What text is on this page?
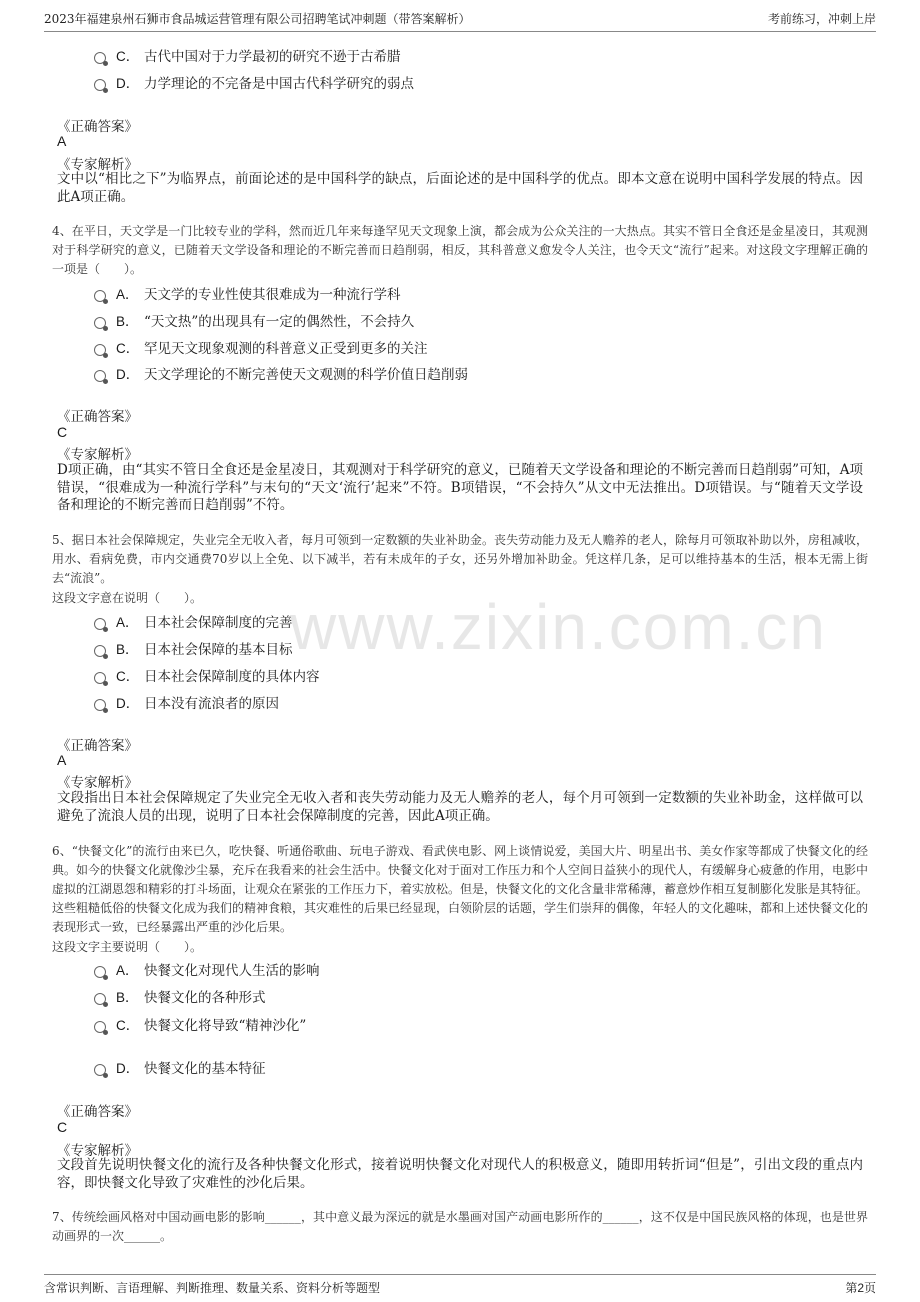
2023年福建泉州石狮市食品城运营管理有限公司招聘笔试冲刺题（带答案解析）	考前练习，冲刺上岸
www.zixin.com.cn
C． 古代中国对于力学最初的研究不逊于古希腊
D． 力学理论的不完备是中国古代科学研究的弱点
《正确答案》
A
《专家解析》
文中以“相比之下”为临界点，前面论述的是中国科学的缺点，后面论述的是中国科学的优点。即本文意在说明中国科学发展的特点。因此A项正确。
4、在平日，天文学是一门比较专业的学科，然而近几年来每逢罕见天文现象上演，都会成为公众关注的一大热点。其实不管日全食还是金星凌日，其观测对于科学研究的意义，已随着天文学设备和理论的不断完善而日趋削弱，相反，其科普意义愈发令人关注，也令天文“流行”起来。对这段文字理解正确的一项是（　　）。
A． 天文学的专业性使其很难成为一种流行学科
B． “天文热”的出现具有一定的偶然性，不会持久
C． 罕见天文现象观测的科普意义正受到更多的关注
D． 天文学理论的不断完善使天文观测的科学价值日趋削弱
《正确答案》
C
《专家解析》
D项正确，由“其实不管日全食还是金星凌日，其观测对于科学研究的意义，已随着天文学设备和理论的不断完善而日趋削弱”可知，A项错误，“很难成为一种流行学科”与末句的“天文‘流行’起来”不符。B项错误，“不会持久”从文中无法推出。D项错误。与“随着天文学设备和理论的不断完善而日趋削弱”不符。
5、据日本社会保障规定，失业完全无收入者，每月可领到一定数额的失业补助金。丧失劳动能力及无人赡养的老人，除每月可领取补助以外，房租减收，用水、看病免费，市内交通费70岁以上全免、以下减半，若有未成年的子女，还另外增加补助金。凭这样几条，足可以维持基本的生活，根本无需上街去“流浪”。
这段文字意在说明（　　）。
A． 日本社会保障制度的完善
B． 日本社会保障的基本目标
C． 日本社会保障制度的具体内容
D． 日本没有流浪者的原因
《正确答案》
A
《专家解析》
文段指出日本社会保障规定了失业完全无收入者和丧失劳动能力及无人赡养的老人，每个月可领到一定数额的失业补助金，这样做可以避免了流浪人员的出现，说明了日本社会保障制度的完善，因此A项正确。
6、“快餐文化”的流行由来已久，吃快餐、听通俗歌曲、玩电子游戏、看武侠电影、网上谈情说爱，美国大片、明星出书、美女作家等都成了快餐文化的经典。如今的快餐文化就像沙尘暴，充斥在我看来的社会生活中。快餐文化对于面对工作压力和个人空间日益狭小的现代人，有缓解身心疲惫的作用，电影中虚拟的江湖恩怨和精彩的打斗场面，让观众在紧张的工作压力下，着实放松。但是，快餐文化的文化含量非常稀薄，蓄意炒作相互复制膨化发胀是其特征。这些粗糙低俗的快餐文化成为我们的精神食粮，其灾难性的后果已经显现，白领阶层的话题，学生们崇拜的偶像，年轻人的文化趣味，都和上述快餐文化的表现形式一致，已经暴露出严重的沙化后果。
这段文字主要说明（　　）。
A． 快餐文化对现代人生活的影响
B． 快餐文化的各种形式
C． 快餐文化将导致“精神沙化”
D． 快餐文化的基本特征
《正确答案》
C
《专家解析》
文段首先说明快餐文化的流行及各种快餐文化形式，接着说明快餐文化对现代人的积极意义，随即用转折词“但是”，引出文段的重点内容，即快餐文化导致了灾难性的沙化后果。
7、传统绘画风格对中国动画电影的影响______，其中意义最为深远的就是水墨画对国产动画电影所作的______，这不仅是中国民族风格的体现，也是世界动画界的一次______。
含常识判断、言语理解、判断推理、数量关系、资料分析等题型	第2页
